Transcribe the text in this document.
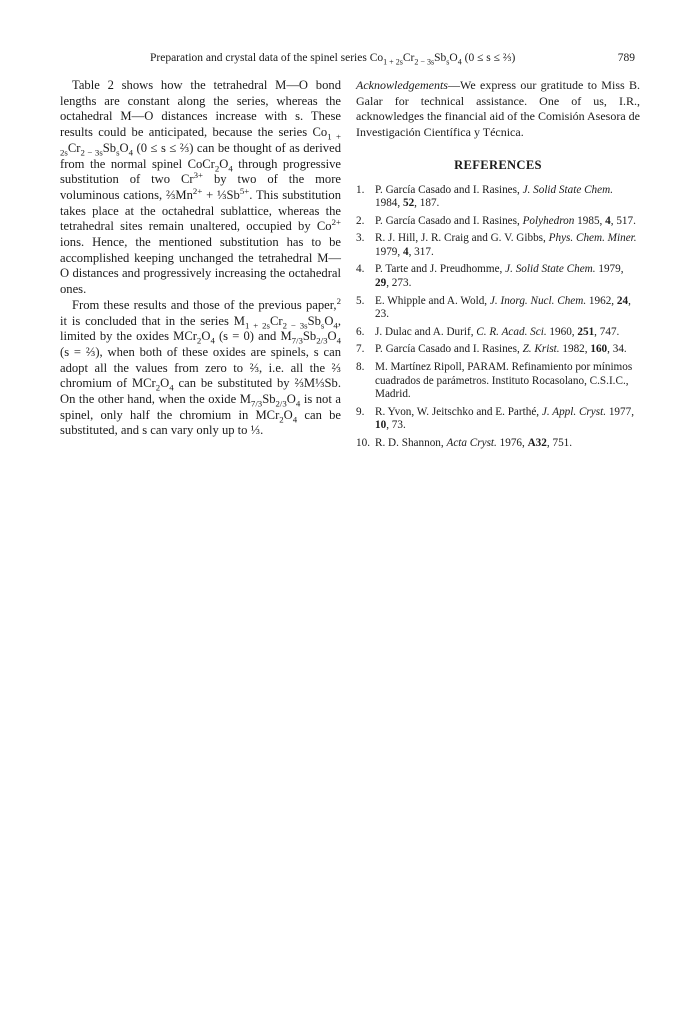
Preparation and crystal data of the spinel series $Co_{1 + 2s}Cr_{2 - 3s}Sb_sO_4$ (0 ≤ s ≤ ⅔)	789

Table 2 shows how the tetrahedral M—O bond lengths are constant along the series, whereas the octahedral M—O distances increase with s. These results could be anticipated, because the series $Co_{1 + 2s}Cr_{2 - 3s}Sb_sO_4$ (0 ≤ s ≤ ⅔) can be thought of as derived from the normal spinel $CoCr_2O_4$ through progressive substitution of two $Cr^{3+}$ by two of the more voluminous cations, $\frac{2}{3}Mn^{2+}$ + $\frac{1}{3}Sb^{5+}$. This substitution takes place at the octahedral sublattice, whereas the tetrahedral sites remain unaltered, occupied by $Co^{2+}$ ions. Hence, the mentioned substitution has to be accomplished keeping unchanged the tetrahedral M—O distances and progressively increasing the octahedral ones.

From these results and those of the previous paper,$^2$ it is concluded that in the series $M_{1 + 2s}Cr_{2 - 3s}Sb_sO_4$, limited by the oxides $MCr_2O_4$ (s = 0) and $M_{7/3}Sb_{2/3}O_4$ (s = ⅔), when both of these oxides are spinels, s can adopt all the values from zero to ⅔, i.e. all the ⅔ chromium of $MCr_2O_4$ can be substituted by ⅔M⅓Sb. On the other hand, when the oxide $M_{7/3}Sb_{2/3}O_4$ is not a spinel, only half the chromium in $MCr_2O_4$ can be substituted, and s can vary only up to ⅓.

Acknowledgements—We express our gratitude to Miss B. Galar for technical assistance. One of us, I.R., acknowledges the financial aid of the Comisión Asesora de Investigación Científica y Técnica.

REFERENCES
1. P. García Casado and I. Rasines, J. Solid State Chem. 1984, 52, 187.
2. P. García Casado and I. Rasines, Polyhedron 1985, 4, 517.
3. R. J. Hill, J. R. Craig and G. V. Gibbs, Phys. Chem. Miner. 1979, 4, 317.
4. P. Tarte and J. Preudhomme, J. Solid State Chem. 1979, 29, 273.
5. E. Whipple and A. Wold, J. Inorg. Nucl. Chem. 1962, 24, 23.
6. J. Dulac and A. Durif, C. R. Acad. Sci. 1960, 251, 747.
7. P. García Casado and I. Rasines, Z. Krist. 1982, 160, 34.
8. M. Martínez Ripoll, PARAM. Refinamiento por mínimos cuadrados de parámetros. Instituto Rocasolano, C.S.I.C., Madrid.
9. R. Yvon, W. Jeitschko and E. Parthé, J. Appl. Cryst. 1977, 10, 73.
10. R. D. Shannon, Acta Cryst. 1976, A32, 751.
